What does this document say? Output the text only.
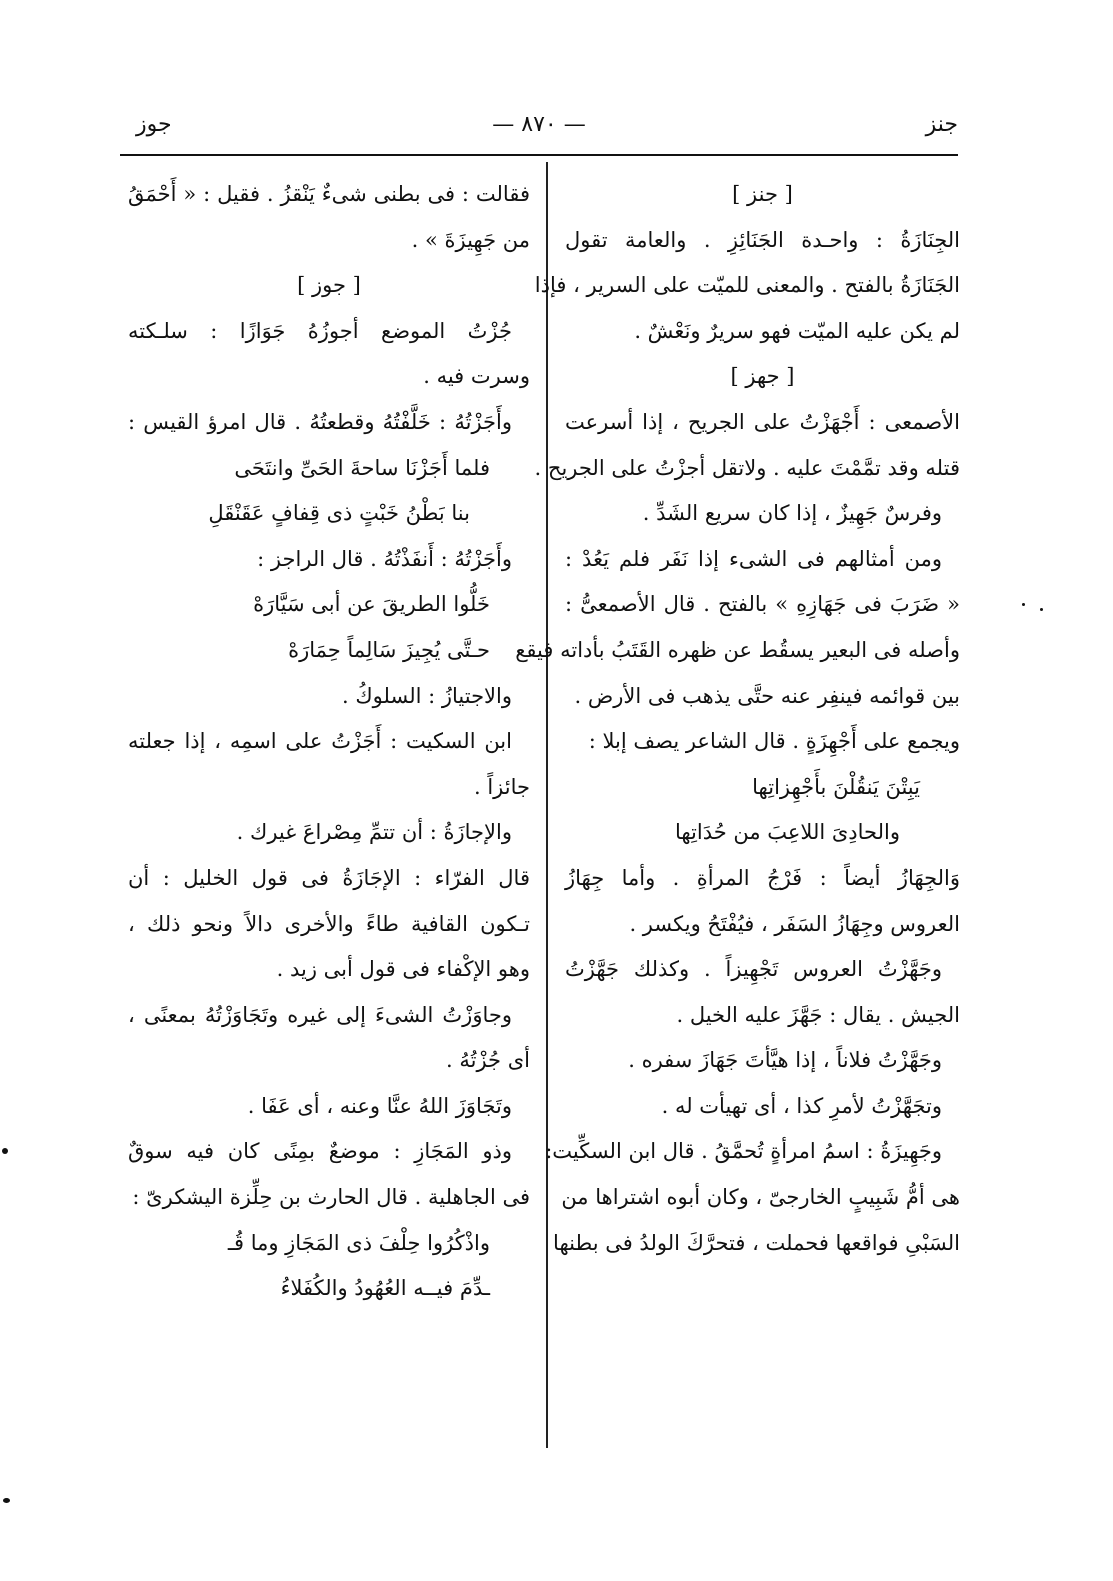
جنز
— ٨٧٠ —
جوز
[ جنز ]
الجِنَازَةُ : واحـدة الجَنَائِزِ . والعامة تقول
الجَنَازَةُ بالفتح . والمعنى للميّت على السرير ، فإذا
لم يكن عليه الميّت فهو سريرٌ ونَعْشٌ .
[ جهز ]
الأصمعى : أَجْهَزْتُ على الجريح ، إذا أسرعت
قتله وقد تمَّمْتَ عليه . ولاتقل أجزْتُ على الجريح .
وفرسٌ جَهِيزٌ ، إذا كان سريع الشَدِّ .
ومن أمثالهم فى الشىء إذا نَفَر فلم يَعُدْ :
« ضَرَبَ فى جَهَازِهِ » بالفتح . قال الأصمعىُّ :
وأصله فى البعير يسقُط عن ظهره القَتَبُ بأداته فيقع
بين قوائمه فينفِر عنه حتَّى يذهب فى الأرض .
ويجمع على أَجْهِزَةٍ . قال الشاعر يصف إبلا :
يَبِتْنَ يَنقُلْنَ بأَجْهِزاتِها
والحادِىَ اللاعِبَ من حُدَاتِها
وَالجِهَازُ أيضاً : فَرْجُ المرأةِ . وأما جِهَازُ
العروس وجِهَازُ السَفَر ، فيُفْتَحُ ويكسر .
وجَهَّزْتُ العروس تَجْهِيزاً . وكذلك جَهَّزْتُ
الجيش . يقال : جَهَّزَ عليه الخيل .
وجَهَّزْتُ فلاناً ، إذا هيَّأتَ جَهَازَ سفره .
وتجَهَّزْتُ لأمرِ كذا ، أى تهيأت له .
وجَهِيزَةُ : اسمُ امرأةٍ تُحمَّقُ . قال ابن السكِّيت:
هى أمُّ شَبِيبٍ الخارجىّ ، وكان أبوه اشتراها من
السَبْىِ فواقعها فحملت ، فتحرَّكَ الولدُ فى بطنها
فقالت : فى بطنى شىءٌ يَنْقزُ . فقيل : « أَحْمَقُ
من جَهِيزَةَ » .
[ جوز ]
جُزْتُ الموضع أجوزُهُ جَوَازًا : سلـكته
وسرت فيه .
وأَجَزْتُهُ : خَلَّفْتُهُ وقطعتُهُ . قال امرؤ القيس :
فلما أَجَزْنَا ساحةَ الحَىِّ وانتَحَى
بنا بَطْنُ خَبْتٍ ذى قِفافٍ عَقَنْقَلِ
وأَجَزْتُهُ : أَنفَذْتُهُ . قال الراجز :
خَلُّوا الطريقَ عن أبى سَيَّارَهْ
حـتَّى يُجِيزَ سَالِماً حِمَارَهْ
والاجتيازُ : السلوكُ .
ابن السكيت : أَجَزْتُ على اسمِه ، إذا جعلته
جائزاً .
والإجازَةُ : أن تتمِّ مِصْراعَ غيرك .
قال الفرّاء : الإجَازَةُ فى قول الخليل : أن
تـكون القافية طاءً والأخرى دالاً ونحو ذلك ،
وهو الإكْفاء فى قول أبى زيد .
وجاوَزْتُ الشىءَ إلى غيره وتَجَاوَزْتُهُ بمعنًى ،
أى جُزْتُهُ .
وتَجَاوَزَ اللهُ عنَّا وعنه ، أى عَفَا .
وذو المَجَازِ : موضعٌ بمِنًى كان فيه سوقٌ
فى الجاهلية . قال الحارث بن حِلِّزة اليشكرىّ :
واذْكُرُوا حِلْفَ ذى المَجَازِ وما قُـ
ـدِّمَ فيــه العُهُودُ والكُفَلاءُ
